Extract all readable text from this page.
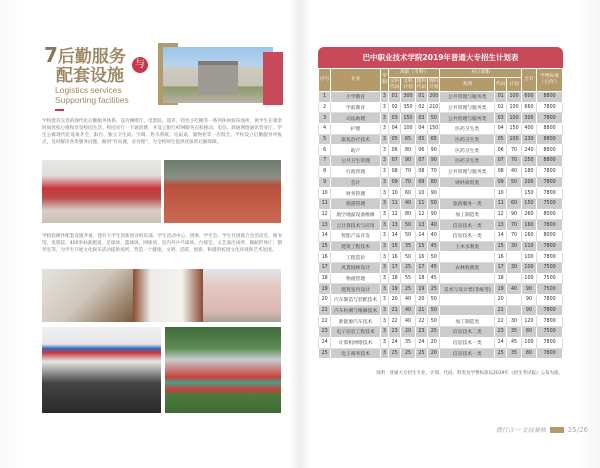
7后勤服务
配套设施
与
Logistics services
Supporting facilities

学校建有完善的现代化后勤服务体系，设有咖啡厅、电影院、超市、特色小吃摊等一系列休闲娱乐场所，供学生在课余时间放松心情和享受校园生活。校园实行一卡通消费，并设立银行ATM服务点和移动、电信、联通网络通讯营业厅。学生公寓现代化设备齐全，阳台、独立卫生间、空调、热水系统、电扇桌、储物柜等一应俱全。学校设立后勤服务申报点，及时解决各类服务问题，做到“有问题，必处理”，为全校师生提供优质的后勤保障。

学校软硬件配套设施齐备，建有大学生创新创业俱乐部、学生活动中心、团委、学生会、学生社团联合会活动室、图书馆、电影院、400米标准跑道、足球场、篮球场、网球场、室内外乒乓球场、台球室、文艺演出场所、舞蹈形体厅、钢琴室等，为学生开展文化娱乐活动提供场所，营造一个健康、文明、活跃、创新、和谐的校园文化环境和艺术氛围。

巴中职业技术学院2019年普通大专招生计划表
序号	专业	学制	高职（专科）				对口高职			合计	学费标准（元/年）
			文科代码	文科计划	理科代码	理科计划	类别	代码	计划		
1	小学教育	3	01	300	01	200	公共管理与服务类	01	100	600	8800
2	学前教育	3	02	350	02	210	公共管理与服务类	02	100	660	7800
3	司法助理	3	03	150	03	50	公共管理与服务类	03	100	300	7800
4	护理	3	04	100	04	150	医药卫生类	04	150	400	8800
5	康复治疗技术	3	05	65	05	65	医药卫生类	05	100	230	8800
6	助产	3	06	80	06	90	医药卫生类	06	70	240	8800
7	公共卫生管理	3	07	90	07	90	医药卫生类	07	70	250	8800
8	行政管理	3	08	70	08	70	公共管理与服务类	08	40	180	7800
9	会计	3	09	70	09	80	财经商贸类	09	50	200	7800
10	财务管理	3	10	60	10	90		10		150	7800
11	旅游管理	3	11	40	11	50	旅游服务一类	11	60	150	7500
12	航空地面设备维修	3	12	80	12	90	加工制造类	12	90	260	8000
13	云计算技术与应用	3	13	50	13	40	信息技术一类	13	70	160	7800
14	智能产品开发	3	14	50	14	40	信息技术一类	14	70	160	8000
15	建筑工程技术	3	15	35	15	45	土木水利类	15	30	110	7800
16	工程造价	3	16	50	16	50		16		100	7800
17	风景园林设计	3	17	25	17	45	农林牧渔类	17	30	100	7500
18	物流管理	3	18	55	18	45		18		100	7500
19	建筑室内设计	3	19	25	19	25	美术与设计类(非统考)	19	40	90	7500
20	汽车制造与装配技术	3	20	40	20	50		20		90	7800
21	汽车检测与维修技术	3	21	40	21	50		21		90	7800
22	新能源汽车技术	3	22	40	22	50	加工制造类	22	30	120	7800
23	电子信息工程技术	3	23	20	23	25	信息技术二类	23	35	80	7500
24	计算机网络技术	3	24	35	24	20	信息技术一类	24	45	100	7800
25	电子商务技术	3	25	25	25	20	信息技术一类	25	35	80	7800
说明：普通大专招生专业、计划、代码、科类及学费标准以2019年《招生考试报》公布为准。
德行合一·文技兼修	25/26
